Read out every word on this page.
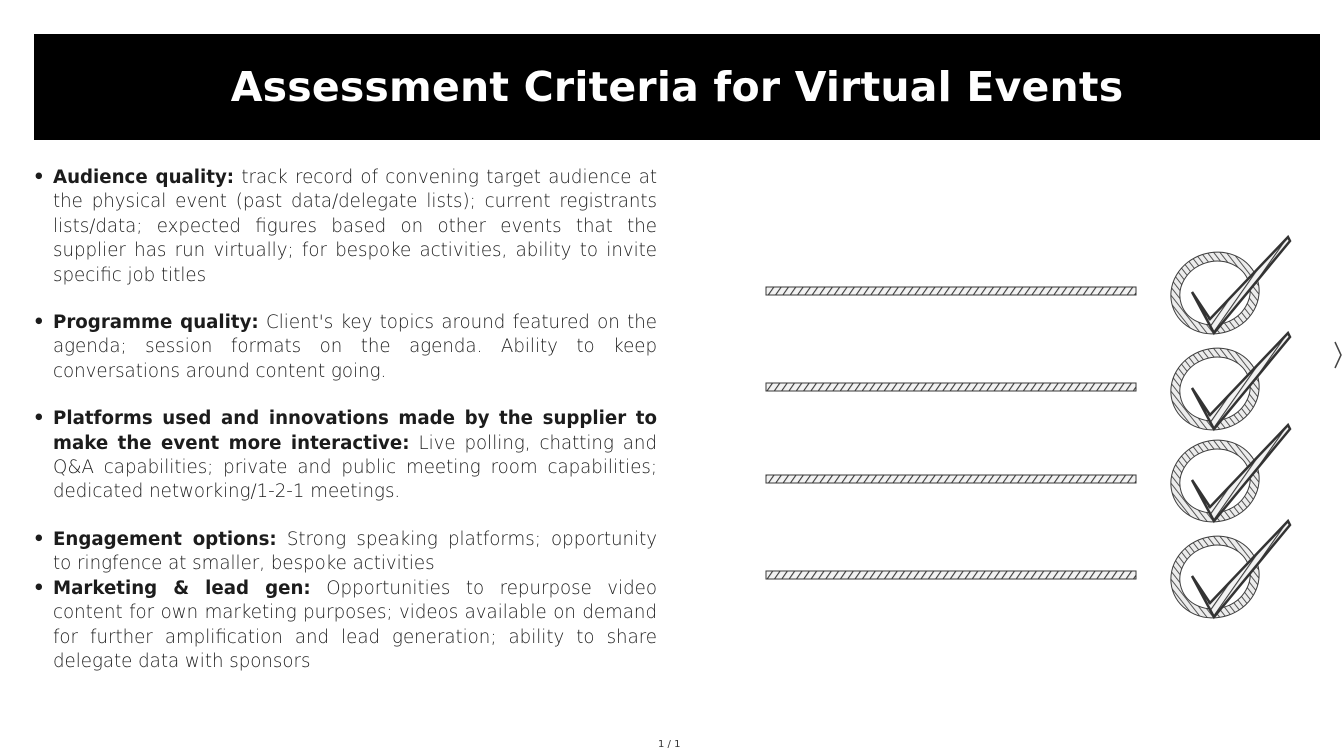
Assessment Criteria for Virtual Events
• Audience quality: track record of convening target audience at the physical event (past data/delegate lists); current registrants lists/data; expected figures based on other events that the supplier has run virtually; for bespoke activities, ability to invite specific job titles
• Programme quality: Client's key topics around featured on the agenda; session formats on the agenda. Ability to keep conversations around content going.
• Platforms used and innovations made by the supplier to make the event more interactive: Live polling, chatting and Q&A capabilities; private and public meeting room capabilities; dedicated networking/1-2-1 meetings.
• Engagement options: Strong speaking platforms; opportunity to ringfence at smaller, bespoke activities
• Marketing & lead gen: Opportunities to repurpose video content for own marketing purposes; videos available on demand for further amplification and lead generation; ability to share delegate data with sponsors
1 / 1
